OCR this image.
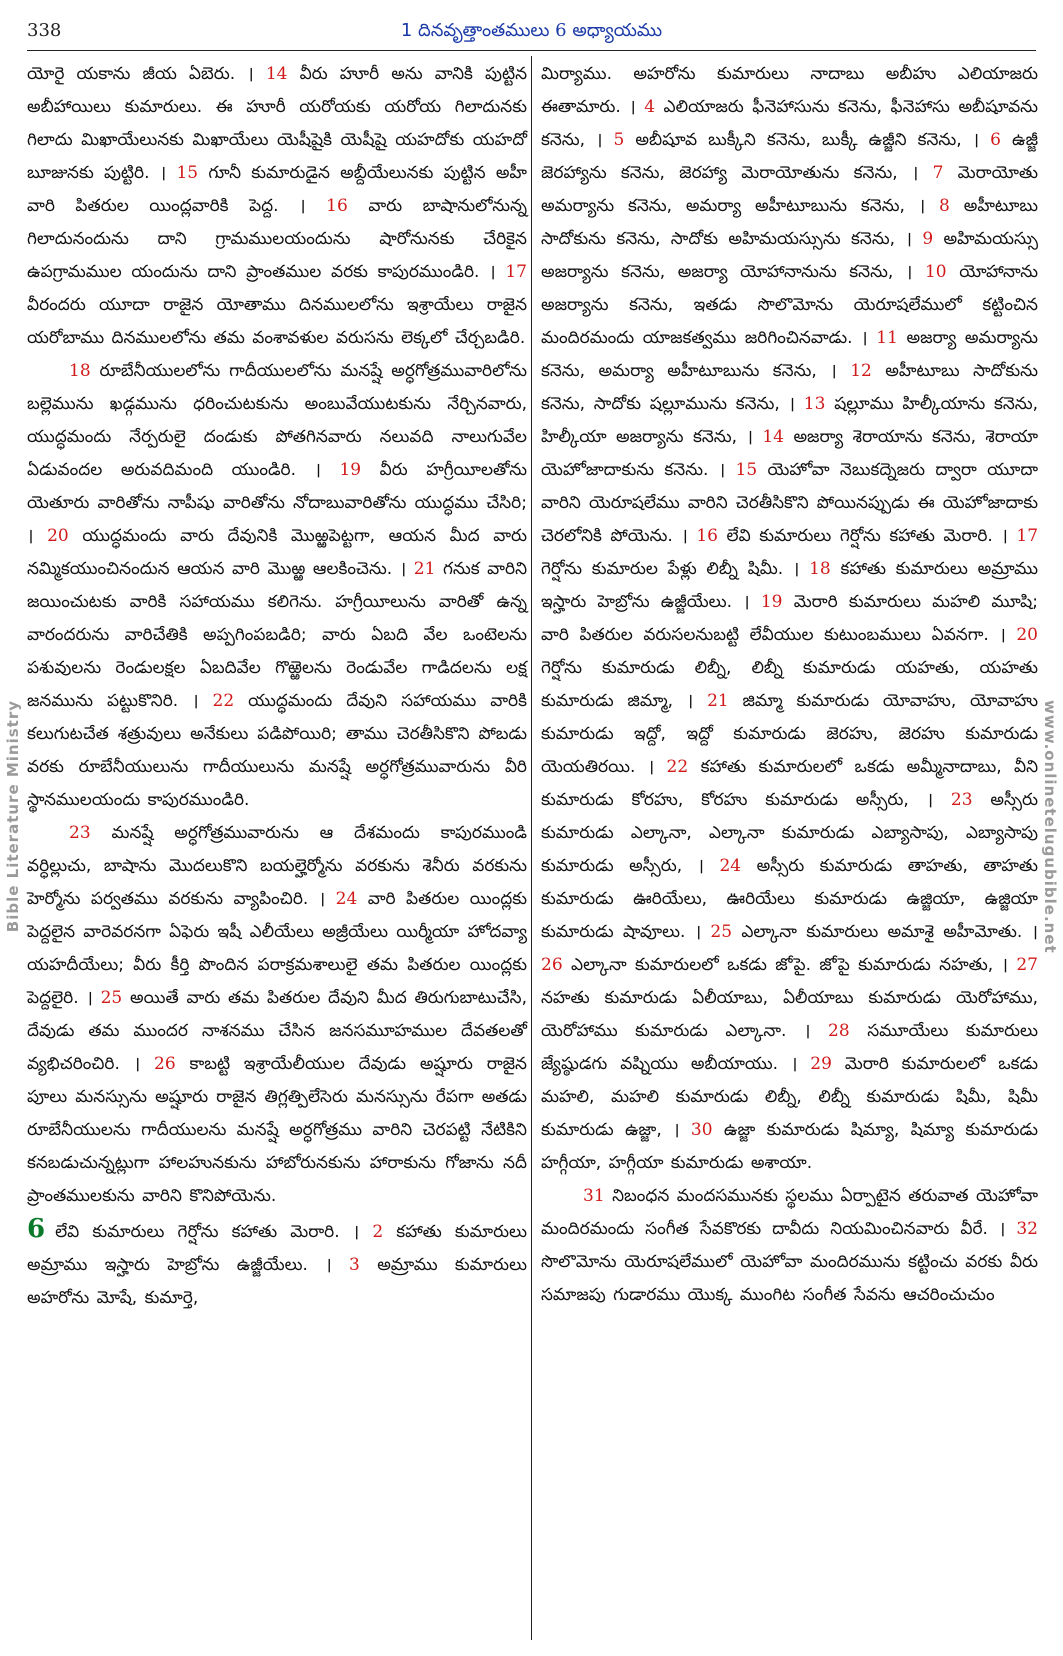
338	1 దినవృత్తాంతములు 6 అధ్యాయము

యోరై యకాను జీయ ఏబెరు. । 14 వీరు హూరీ అను వానికి పుట్టిన అబీహాయిలు కుమారులు. ఈ హూరీ యరోయకు యరోయ గిలాదునకు గిలాదు మిఖాయేలునకు మిఖాయేలు యెషీషైకి యెషీషై యహదోకు యహదో బూజునకు పుట్టిరి. । 15 గూనీ కుమారుడైన అబ్దీయేలునకు పుట్టిన అహీ వారి పితరుల యింద్లవారికి పెద్ద. । 16 వారు బాషానులోనున్న గిలాదునందును దాని గ్రామములయందును షారోనునకు చేరికైన ఉపగ్రామముల యందును దాని ప్రాంతముల వరకు కాపురముండిరి. । 17 వీరందరు యూదా రాజైన యోతాము దినములలోను ఇశ్రాయేలు రాజైన యరోబాము దినములలోను తమ వంశావళుల వరుసను లెక్కలో చేర్చబడిరి.

18 రూబేనీయులలోను గాదీయులలోను మనష్షే అర్ధగోత్రమువారిలోను బల్లెమును ఖడ్గమును ధరించుటకును అంబువేయుటకును నేర్చినవారు, యుద్ధమందు నేర్పరులై దండుకు పోతగినవారు నలువది నాలుగువేల ఏడువందల అరువదిమంది యుండిరి. । 19 వీరు హగ్రీయీలతోను యెతూరు వారితోను నాపీషు వారితోను నోదాబువారితోను యుద్ధము చేసిరి; । 20 యుద్ధమందు వారు దేవునికి మొఱ్ఱపెట్టగా, ఆయన మీద వారు నమ్మికయుంచినందున ఆయన వారి మొఱ్ఱ ఆలకించెను. । 21 గనుక వారిని జయించుటకు వారికి సహాయము కలిగెను. హగ్రీయీలును వారితో ఉన్న వారందరును వారిచేతికి అప్పగింపబడిరి; వారు ఏబది వేల ఒంటెలను పశువులను రెండులక్షల ఏబదివేల గొఱ్ఱెలను రెండువేల గాడిదలను లక్ష జనమును పట్టుకొనిరి. । 22 యుద్ధమందు దేవుని సహాయము వారికి కలుగుటచేత శత్రువులు అనేకులు పడిపోయిరి; తాము చెరతీసికొని పోబడు వరకు రూబేనీయులును గాదీయులును మనష్షే అర్ధగోత్రమువారును వీరి స్థానములయందు కాపురముండిరి.

23 మనష్షే అర్ధగోత్రమువారును ఆ దేశమందు కాపురముండి వర్ధిల్లుచు, బాషాను మొదలుకొని బయల్హెర్మోను వరకును శెనీరు వరకును హెర్మోను పర్వతము వరకును వ్యాపించిరి. । 24 వారి పితరుల యింద్లకు పెద్దలైన వారెవరనగా ఏఫెరు ఇషీ ఎలీయేలు అజ్రీయేలు యిర్మీయా హోదవ్యా యహదీయేలు; వీరు కీర్తి పొందిన పరాక్రమశాలులై తమ పితరుల యింద్లకు పెద్దలైరి. । 25 అయితే వారు తమ పితరుల దేవుని మీద తిరుగుబాటుచేసి, దేవుడు తమ ముందర నాశనము చేసిన జనసమూహముల దేవతలతో వ్యభిచరించిరి. । 26 కాబట్టి ఇశ్రాయేలీయుల దేవుడు అష్షూరు రాజైన పూలు మనస్సును అష్షూరు రాజైన తిగ్లత్పిలేసెరు మనస్సును రేపగా అతడు రూబేనీయులను గాదీయులను మనష్షే అర్ధగోత్రము వారిని చెరపట్టి నేటికిని కనబడుచున్నట్లుగా హాలహునకును హాబోరునకును హారాకును గోజాను నదీ ప్రాంతములకును వారిని కొనిపోయెను.

6 లేవి కుమారులు గెర్షోను కహాతు మెరారి. । 2 కహాతు కుమారులు అమ్రాము ఇస్హారు హెబ్రోను ఉజ్జీయేలు. । 3 అమ్రాము కుమారులు అహరోను మోషే, కుమార్తె,

మిర్యాము. అహరోను కుమారులు నాదాబు అబీహు ఎలియాజరు ఈతామారు. । 4 ఎలియాజరు ఫీనెహాసును కనెను, ఫీనెహాసు అబీషూవను కనెను, । 5 అబీషూవ బుక్కీని కనెను, బుక్కీ ఉజ్జీని కనెను, । 6 ఉజ్జీ జెరహ్యాను కనెను, జెరహ్యా మెరాయోతును కనెను, । 7 మెరాయోతు అమర్యాను కనెను, అమర్యా అహీటూబును కనెను, । 8 అహీటూబు సాదోకును కనెను, సాదోకు అహిమయస్సును కనెను, । 9 అహిమయస్సు అజర్యాను కనెను, అజర్యా యోహానానును కనెను, । 10 యోహానాను అజర్యాను కనెను, ఇతడు సొలొమోను యెరూషలేములో కట్టించిన మందిరమందు యాజకత్వము జరిగించినవాడు. । 11 అజర్యా అమర్యాను కనెను, అమర్యా అహీటూబును కనెను, । 12 అహీటూబు సాదోకును కనెను, సాదోకు షల్లూమును కనెను, । 13 షల్లూము హిల్కీయాను కనెను, హిల్కీయా అజర్యాను కనెను, । 14 అజర్యా శెరాయాను కనెను, శెరాయా యెహోజాదాకును కనెను. । 15 యెహోవా నెబుకద్నెజరు ద్వారా యూదా వారిని యెరూషలేము వారిని చెరతీసికొని పోయినప్పుడు ఈ యెహోజాదాకు చెరలోనికి పోయెను. । 16 లేవి కుమారులు గెర్షోను కహాతు మెరారి. । 17 గెర్షోను కుమారుల పేళ్లు లిబ్నీ షిమీ. । 18 కహాతు కుమారులు అమ్రాము ఇస్హారు హెబ్రోను ఉజ్జీయేలు. । 19 మెరారి కుమారులు మహలి మూషి; వారి పితరుల వరుసలనుబట్టి లేవీయుల కుటుంబములు ఏవనగా. । 20 గెర్షోను కుమారుడు లిబ్నీ, లిబ్నీ కుమారుడు యహతు, యహతు కుమారుడు జిమ్మా, । 21 జిమ్మా కుమారుడు యోవాహు, యోవాహు కుమారుడు ఇద్దో, ఇద్దో కుమారుడు జెరహు, జెరహు కుమారుడు యెయతిరయి. । 22 కహాతు కుమారులలో ఒకడు అమ్మీనాదాబు, వీని కుమారుడు కోరహు, కోరహు కుమారుడు అస్సీరు, । 23 అస్సీరు కుమారుడు ఎల్కానా, ఎల్కానా కుమారుడు ఎబ్యాసాపు, ఎబ్యాసాపు కుమారుడు అస్సీరు, । 24 అస్సీరు కుమారుడు తాహతు, తాహతు కుమారుడు ఊరియేలు, ఊరియేలు కుమారుడు ఉజ్జియా, ఉజ్జియా కుమారుడు షావూలు. । 25 ఎల్కానా కుమారులు అమాశై అహీమోతు. । 26 ఎల్కానా కుమారులలో ఒకడు జోపై. జోపై కుమారుడు నహతు, । 27 నహతు కుమారుడు ఏలీయాబు, ఏలీయాబు కుమారుడు యెరోహాము, యెరోహాము కుమారుడు ఎల్కానా. । 28 సమూయేలు కుమారులు జ్యేష్ఠుడగు వష్నియు అబీయాయు. । 29 మెరారి కుమారులలో ఒకడు మహలి, మహలి కుమారుడు లిబ్నీ, లిబ్నీ కుమారుడు షిమీ, షిమీ కుమారుడు ఉజ్జా, । 30 ఉజ్జా కుమారుడు షిమ్యా, షిమ్యా కుమారుడు హగ్గీయా, హగ్గీయా కుమారుడు అశాయా.

31 నిబంధన మందసమునకు స్థలము ఏర్పాటైన తరువాత యెహోవా మందిరమందు సంగీత సేవకొరకు దావీదు నియమించినవారు వీరే. । 32 సొలొమోను యెరూషలేములో యెహోవా మందిరమును కట్టించు వరకు వీరు సమాజపు గుడారము యొక్క ముంగిట సంగీత సేవను ఆచరించుచుం

Bible Literature Ministry	www.onlinetelugubible.net
